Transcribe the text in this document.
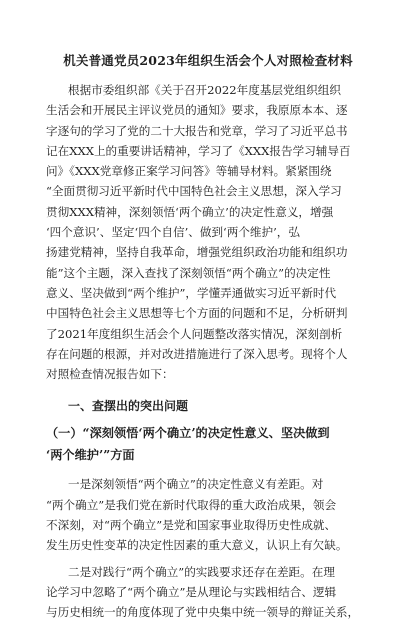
机关普通党员2023年组织生活会个人对照检查材料

根据市委组织部《关于召开2022年度基层党组织组织
生活会和开展民主评议党员的通知》要求，我原原本本、逐
字逐句的学习了党的二十大报告和党章，学习了习近平总书
记在XXX上的重要讲话精神，学习了《XXX报告学习辅导百
问》《XXX党章修正案学习问答》等辅导材料。紧紧围绕
“全面贯彻习近平新时代中国特色社会主义思想，深入学习
贯彻XXX精神，深刻领悟‘两个确立’的决定性意义，增强
‘四个意识’、坚定‘四个自信’、做到‘两个维护’，弘
扬建党精神，坚持自我革命，增强党组织政治功能和组织功
能”这个主题，深入查找了深刻领悟“两个确立”的决定性
意义、坚决做到“两个维护”，学懂弄通做实习近平新时代
中国特色社会主义思想等七个方面的问题和不足，分析研判
了2021年度组织生活会个人问题整改落实情况，深刻剖析
存在问题的根源，并对改进措施进行了深入思考。现将个人
对照检查情况报告如下：

一、查摆出的突出问题
（一）“深刻领悟‘两个确立’的决定性意义、坚决做到
‘两个维护’”方面

一是深刻领悟“两个确立”的决定性意义有差距。对
“两个确立”是我们党在新时代取得的重大政治成果，领会
不深刻，对“两个确立”是党和国家事业取得历史性成就、
发生历史性变革的决定性因素的重大意义，认识上有欠缺。

二是对践行“两个确立”的实践要求还存在差距。在理
论学习中忽略了“两个确立”是从理论与实践相结合、逻辑
与历史相统一的角度体现了党中央集中统一领导的辩证关系，
